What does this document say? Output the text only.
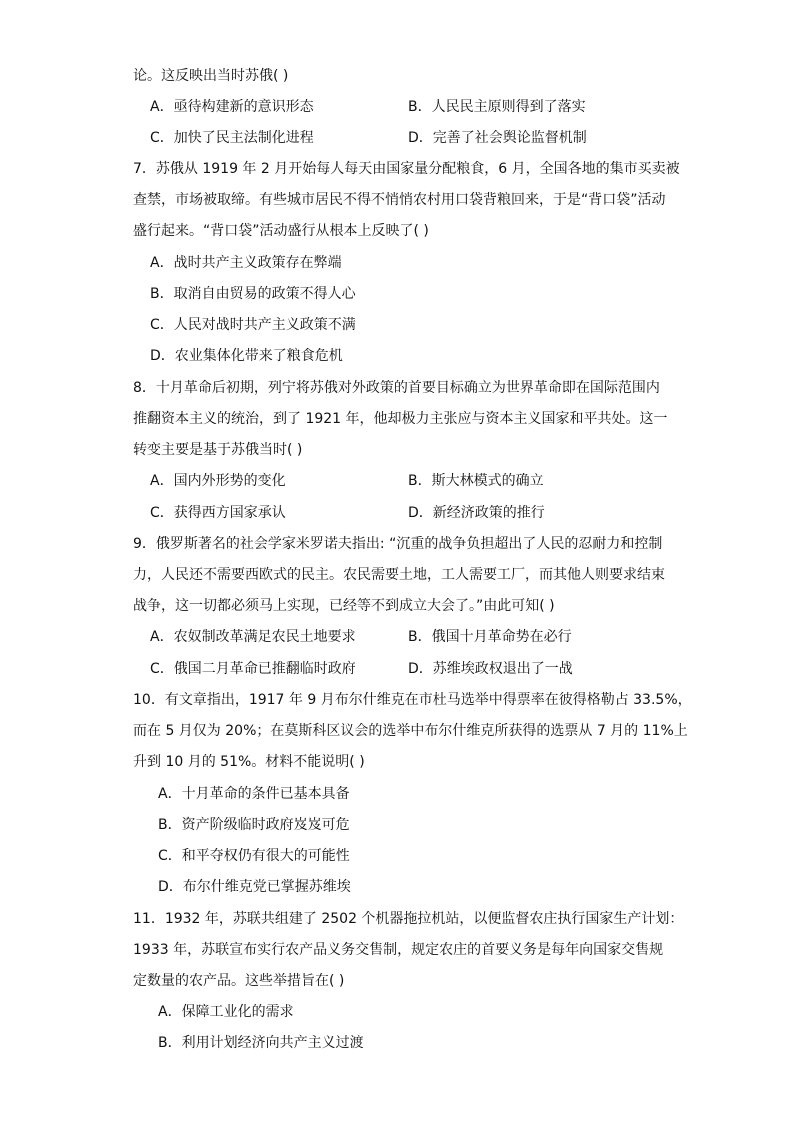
论。这反映出当时苏俄( )
A．亟待构建新的意识形态	B．人民民主原则得到了落实
C．加快了民主法制化进程	D．完善了社会舆论监督机制
7．苏俄从 1919 年 2 月开始每人每天由国家量分配粮食，6 月，全国各地的集市买卖被
查禁，市场被取缔。有些城市居民不得不悄悄农村用口袋背粮回来，于是“背口袋”活动
盛行起来。“背口袋”活动盛行从根本上反映了( )
A．战时共产主义政策存在弊端
B．取消自由贸易的政策不得人心
C．人民对战时共产主义政策不满
D．农业集体化带来了粮食危机
8．十月革命后初期，列宁将苏俄对外政策的首要目标确立为世界革命即在国际范围内
推翻资本主义的统治，到了 1921 年，他却极力主张应与资本主义国家和平共处。这一
转变主要是基于苏俄当时( )
A．国内外形势的变化	B．斯大林模式的确立
C．获得西方国家承认	D．新经济政策的推行
9．俄罗斯著名的社会学家米罗诺夫指出: “沉重的战争负担超出了人民的忍耐力和控制
力，人民还不需要西欧式的民主。农民需要土地，工人需要工厂，而其他人则要求结束
战争，这一切都必须马上实现，已经等不到成立大会了。”由此可知( )
A．农奴制改革满足农民土地要求	B．俄国十月革命势在必行
C．俄国二月革命已推翻临时政府	D．苏维埃政权退出了一战
10．有文章指出，1917 年 9 月布尔什维克在市杜马选举中得票率在彼得格勒占 33.5%，
而在 5 月仅为 20%；在莫斯科区议会的选举中布尔什维克所获得的选票从 7 月的 11%上
升到 10 月的 51%。材料不能说明( )
A．十月革命的条件已基本具备
B．资产阶级临时政府岌岌可危
C．和平夺权仍有很大的可能性
D．布尔什维克党已掌握苏维埃
11．1932 年，苏联共组建了 2502 个机器拖拉机站，以便监督农庄执行国家生产计划：
1933 年，苏联宣布实行农产品义务交售制，规定农庄的首要义务是每年向国家交售规
定数量的农产品。这些举措旨在( )
A．保障工业化的需求
B．利用计划经济向共产主义过渡
